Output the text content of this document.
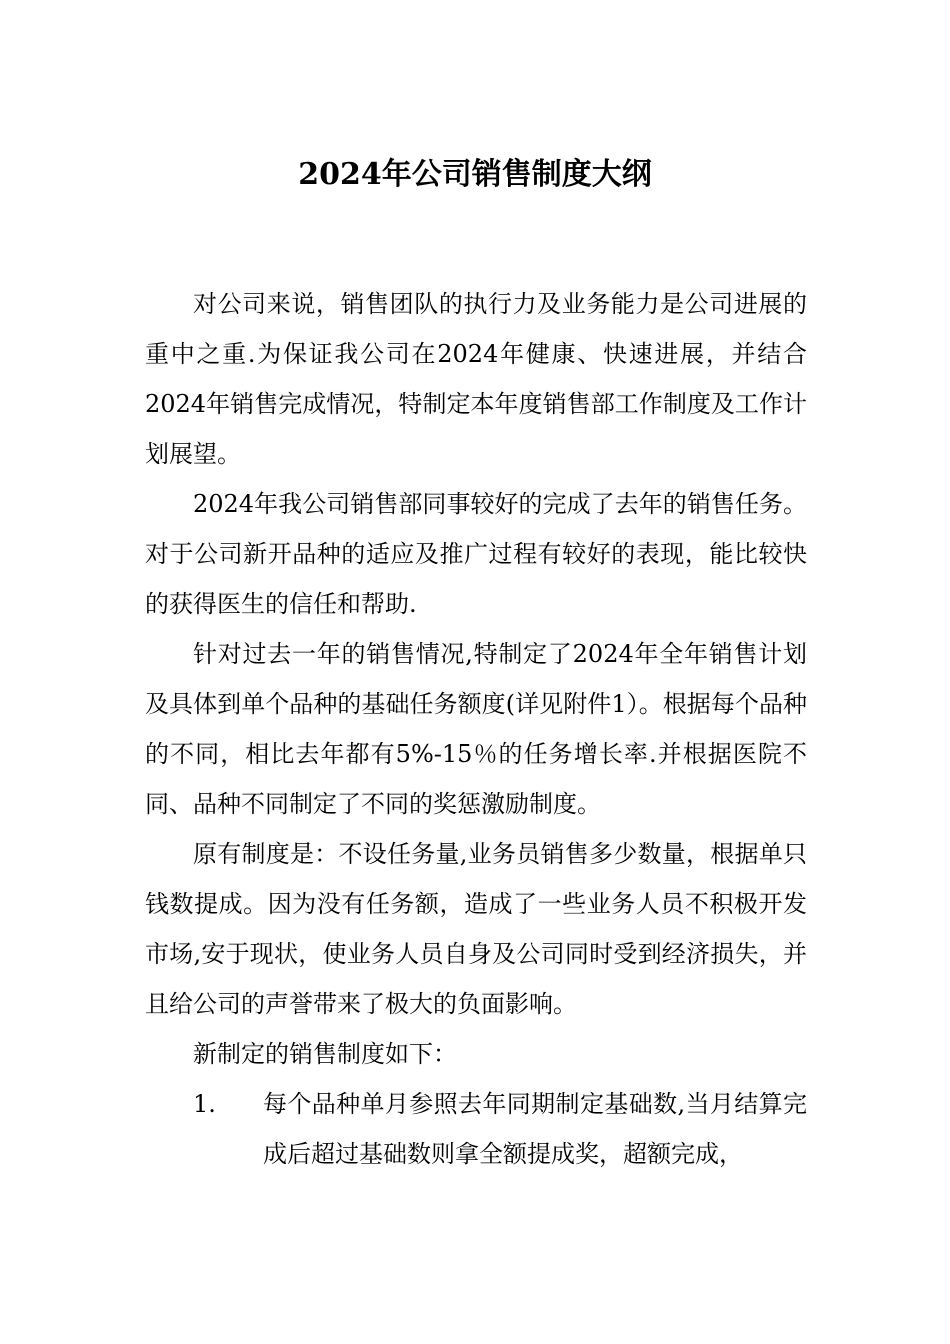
2024年公司销售制度大纲

对公司来说，销售团队的执行力及业务能力是公司进展的重中之重.为保证我公司在2024年健康、快速进展，并结合2024年销售完成情况，特制定本年度销售部工作制度及工作计划展望。

2024年我公司销售部同事较好的完成了去年的销售任务。对于公司新开品种的适应及推广过程有较好的表现，能比较快的获得医生的信任和帮助.

针对过去一年的销售情况,特制定了2024年全年销售计划及具体到单个品种的基础任务额度(详见附件1）。根据每个品种的不同，相比去年都有5%-15％的任务增长率.并根据医院不同、品种不同制定了不同的奖惩激励制度。

原有制度是：不设任务量,业务员销售多少数量，根据单只钱数提成。因为没有任务额，造成了一些业务人员不积极开发市场,安于现状，使业务人员自身及公司同时受到经济损失，并且给公司的声誉带来了极大的负面影响。

新制定的销售制度如下：

1.	每个品种单月参照去年同期制定基础数,当月结算完成后超过基础数则拿全额提成奖，超额完成，
